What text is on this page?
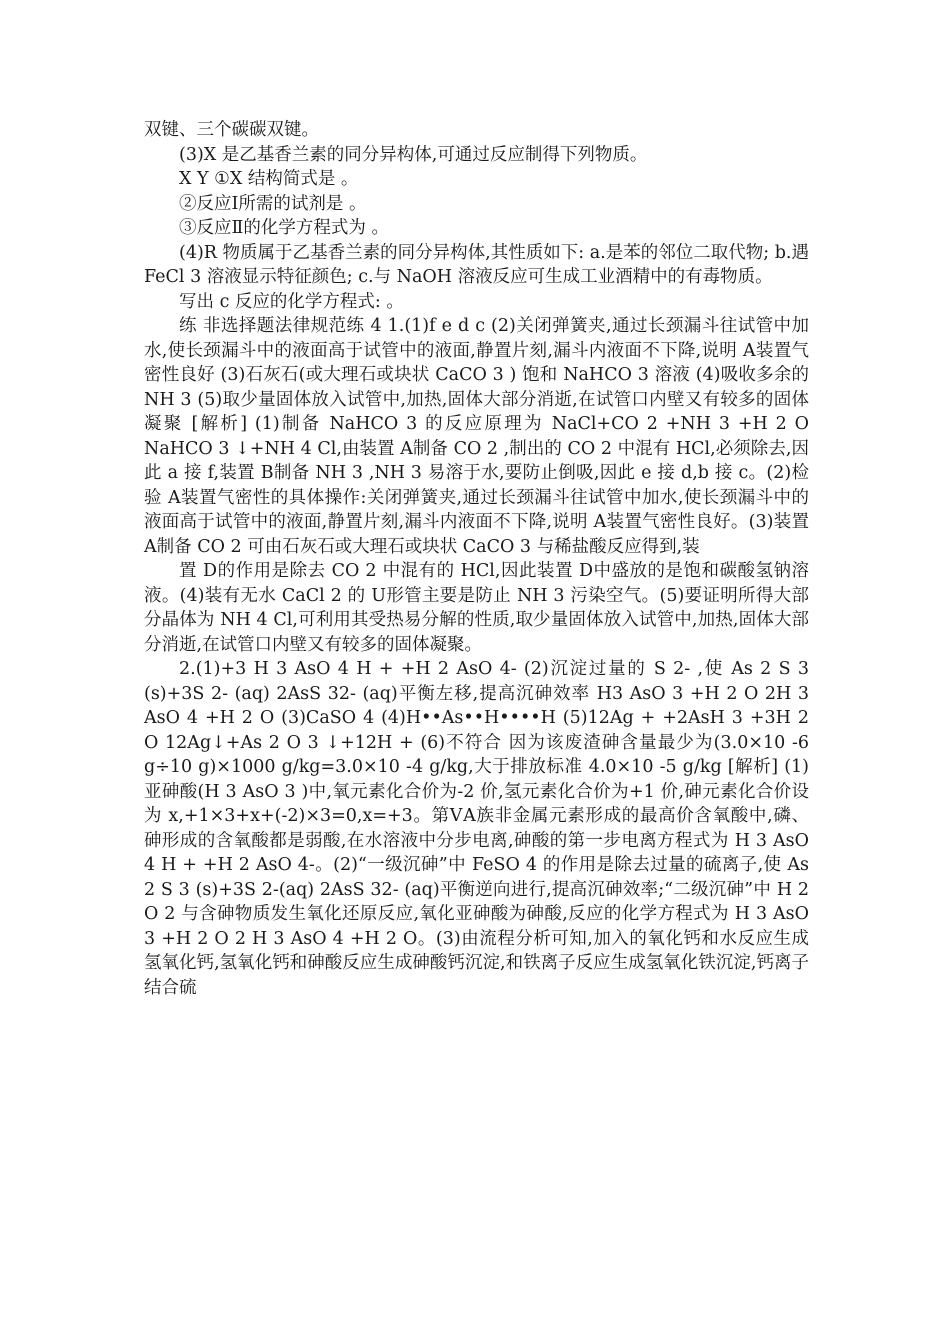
双键、三个碳碳双键。

(3)X 是乙基香兰素的同分异构体,可通过反应制得下列物质。

X Y ①X 结构简式是 。

②反应Ⅰ所需的试剂是 。

③反应Ⅱ的化学方程式为 。

(4)R 物质属于乙基香兰素的同分异构体,其性质如下: a.是苯的邻位二取代物; b.遇 FeCl 3 溶液显示特征颜色; c.与 NaOH 溶液反应可生成工业酒精中的有毒物质。

写出 c 反应的化学方程式: 。

练 非选择题法律规范练 4 1.(1)f e d c (2)关闭弹簧夹,通过长颈漏斗往试管中加水,使长颈漏斗中的液面高于试管中的液面,静置片刻,漏斗内液面不下降,说明 A装置气密性良好 (3)石灰石(或大理石或块状 CaCO 3 ) 饱和 NaHCO 3 溶液 (4)吸收多余的 NH 3 (5)取少量固体放入试管中,加热,固体大部分消逝,在试管口内壁又有较多的固体凝聚 [解析] (1)制备 NaHCO 3 的反应原理为 NaCl+CO 2 +NH 3 +H 2 O NaHCO 3 ↓+NH 4 Cl,由装置 A制备 CO 2 ,制出的 CO 2 中混有 HCl,必须除去,因此 a 接 f,装置 B制备 NH 3 ,NH 3 易溶于水,要防止倒吸,因此 e 接 d,b 接 c。(2)检验 A装置气密性的具体操作:关闭弹簧夹,通过长颈漏斗往试管中加水,使长颈漏斗中的液面高于试管中的液面,静置片刻,漏斗内液面不下降,说明 A装置气密性良好。(3)装置 A制备 CO 2 可由石灰石或大理石或块状 CaCO 3 与稀盐酸反应得到,装

置 D的作用是除去 CO 2 中混有的 HCl,因此装置 D中盛放的是饱和碳酸氢钠溶液。(4)装有无水 CaCl 2 的 U形管主要是防止 NH 3 污染空气。(5)要证明所得大部分晶体为 NH 4 Cl,可利用其受热易分解的性质,取少量固体放入试管中,加热,固体大部分消逝,在试管口内壁又有较多的固体凝聚。

2.(1)+3 H 3 AsO 4 H + +H 2 AsO 4- (2)沉淀过量的 S 2- ,使 As 2 S 3 (s)+3S 2- (aq) 2AsS 32- (aq)平衡左移,提高沉砷效率 H3 AsO 3 +H 2 O 2H 3 AsO 4 +H 2 O (3)CaSO 4 (4)H••As••H••••H (5)12Ag + +2AsH 3 +3H 2 O 12Ag↓+As 2 O 3 ↓+12H + (6)不符合 因为该废渣砷含量最少为(3.0×10 -6 g÷10 g)×1000 g/kg=3.0×10 -4 g/kg,大于排放标准 4.0×10 -5 g/kg [解析] (1)亚砷酸(H 3 AsO 3 )中,氧元素化合价为-2 价,氢元素化合价为+1 价,砷元素化合价设为 x,+1×3+x+(-2)×3=0,x=+3。第ⅤA族非金属元素形成的最高价含氧酸中,磷、砷形成的含氧酸都是弱酸,在水溶液中分步电离,砷酸的第一步电离方程式为 H 3 AsO 4 H + +H 2 AsO 4-。(2)“一级沉砷”中 FeSO 4 的作用是除去过量的硫离子,使 As 2 S 3 (s)+3S 2-(aq) 2AsS 32- (aq)平衡逆向进行,提高沉砷效率;“二级沉砷”中 H 2 O 2 与含砷物质发生氧化还原反应,氧化亚砷酸为砷酸,反应的化学方程式为 H 3 AsO 3 +H 2 O 2 H 3 AsO 4 +H 2 O。(3)由流程分析可知,加入的氧化钙和水反应生成氢氧化钙,氢氧化钙和砷酸反应生成砷酸钙沉淀,和铁离子反应生成氢氧化铁沉淀,钙离子结合硫
